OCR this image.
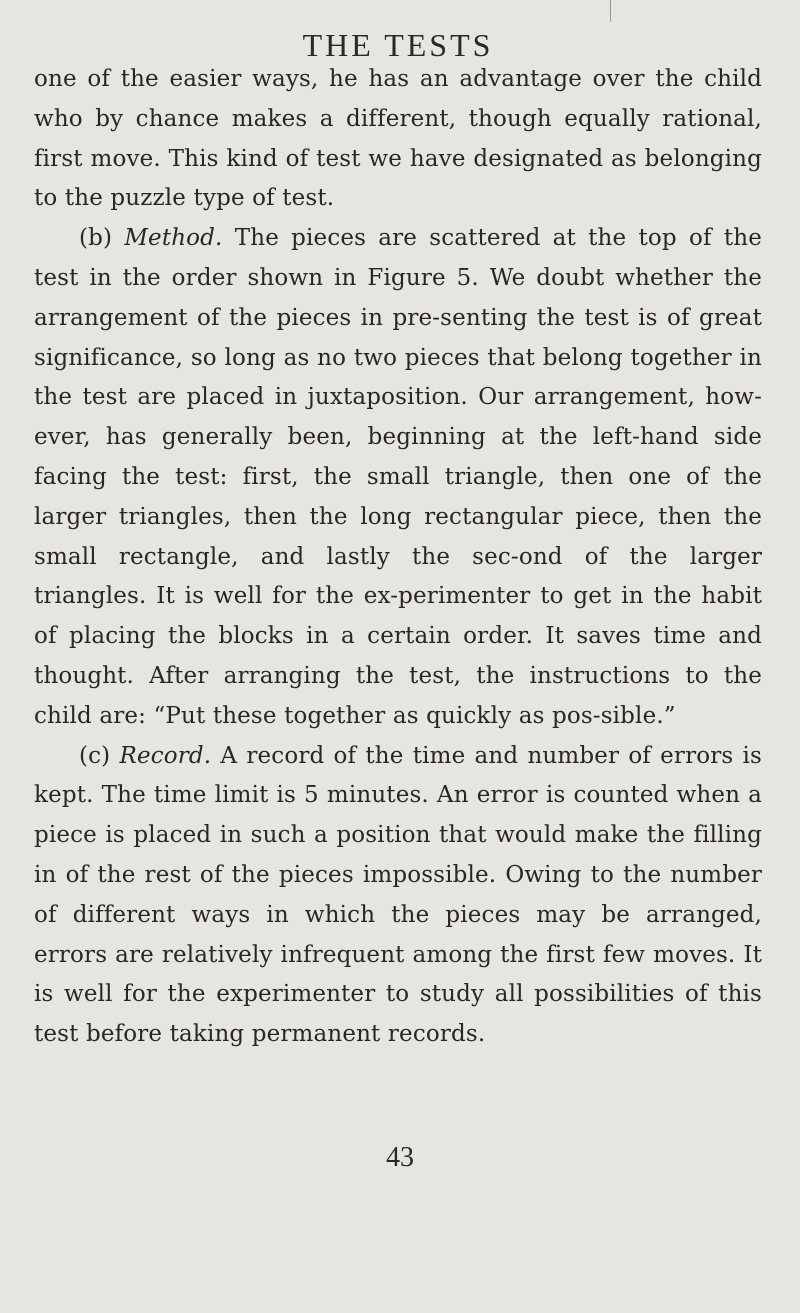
THE TESTS

one of the easier ways, he has an advantage over the child who by chance makes a different, though equally rational, first move. This kind of test we have designated as belonging to the puzzle type of test.

(b) Method. The pieces are scattered at the top of the test in the order shown in Figure 5. We doubt whether the arrangement of the pieces in pre-senting the test is of great significance, so long as no two pieces that belong together in the test are placed in juxtaposition. Our arrangement, how-ever, has generally been, beginning at the left-hand side facing the test: first, the small triangle, then one of the larger triangles, then the long rectangular piece, then the small rectangle, and lastly the sec-ond of the larger triangles. It is well for the ex-perimenter to get in the habit of placing the blocks in a certain order. It saves time and thought. After arranging the test, the instructions to the child are: “Put these together as quickly as pos-sible.”

(c) Record. A record of the time and number of errors is kept. The time limit is 5 minutes. An error is counted when a piece is placed in such a position that would make the filling in of the rest of the pieces impossible. Owing to the number of different ways in which the pieces may be arranged, errors are relatively infrequent among the first few moves. It is well for the experimenter to study all possibilities of this test before taking permanent records.

43
